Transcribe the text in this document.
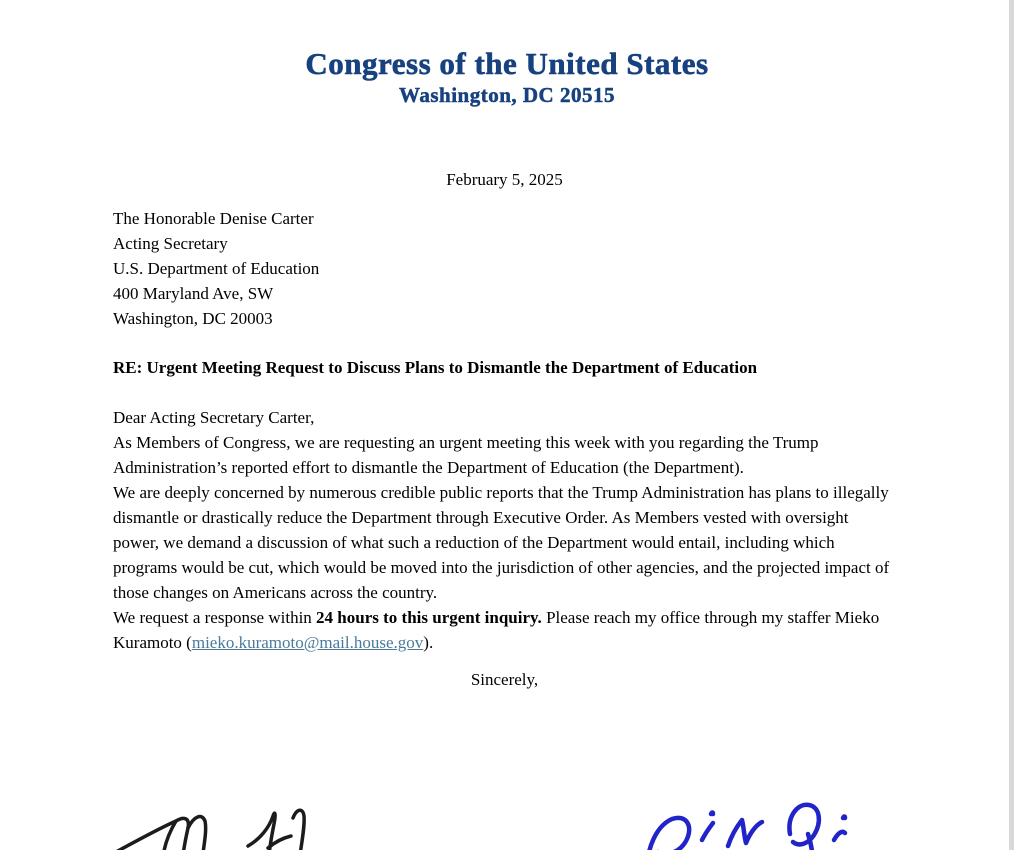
Congress of the United States
Washington, DC 20515
February 5, 2025
The Honorable Denise Carter
Acting Secretary
U.S. Department of Education
400 Maryland Ave, SW
Washington, DC 20003
RE: Urgent Meeting Request to Discuss Plans to Dismantle the Department of Education
Dear Acting Secretary Carter,

As Members of Congress, we are requesting an urgent meeting this week with you regarding the Trump Administration’s reported effort to dismantle the Department of Education (the Department).

We are deeply concerned by numerous credible public reports that the Trump Administration has plans to illegally dismantle or drastically reduce the Department through Executive Order. As Members vested with oversight power, we demand a discussion of what such a reduction of the Department would entail, including which programs would be cut, which would be moved into the jurisdiction of other agencies, and the projected impact of those changes on Americans across the country.

We request a response within 24 hours to this urgent inquiry. Please reach my office through my staffer Mieko Kuramoto (mieko.kuramoto@mail.house.gov).

Sincerely,
